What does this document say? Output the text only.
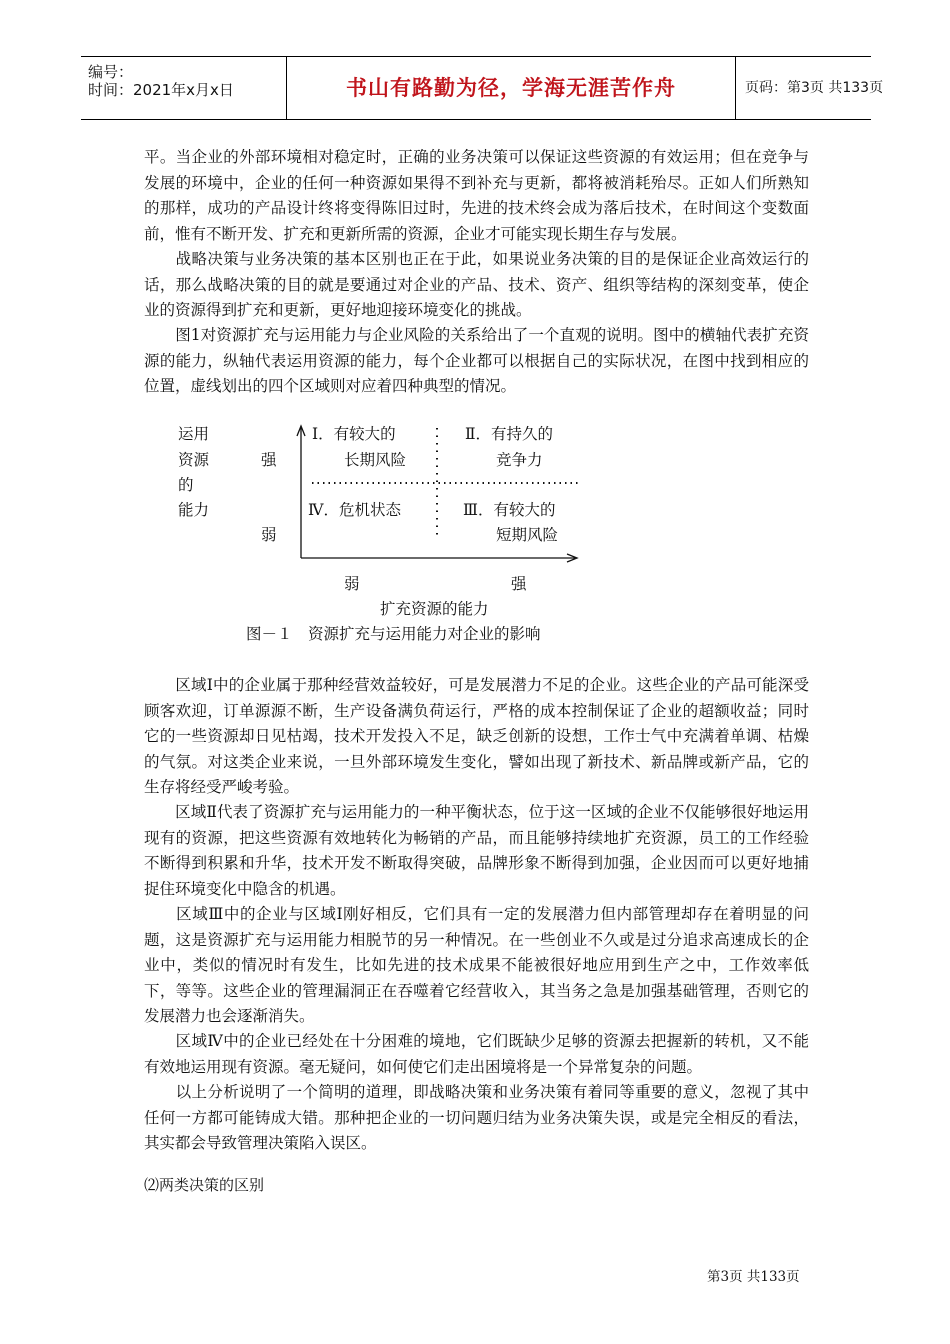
编号：
时间：2021年x月x日	书山有路勤为径，学海无涯苦作舟	页码：第3页 共133页

平。当企业的外部环境相对稳定时，正确的业务决策可以保证这些资源的有效运用；但在竞争与发展的环境中，企业的任何一种资源如果得不到补充与更新，都将被消耗殆尽。正如人们所熟知的那样，成功的产品设计终将变得陈旧过时，先进的技术终会成为落后技术，在时间这个变数面前，惟有不断开发、扩充和更新所需的资源，企业才可能实现长期生存与发展。

　　战略决策与业务决策的基本区别也正在于此，如果说业务决策的目的是保证企业高效运行的话，那么战略决策的目的就是要通过对企业的产品、技术、资产、组织等结构的深刻变革，使企业的资源得到扩充和更新，更好地迎接环境变化的挑战。

　　图1对资源扩充与运用能力与企业风险的关系给出了一个直观的说明。图中的横轴代表扩充资源的能力，纵轴代表运用资源的能力，每个企业都可以根据自己的实际状况，在图中找到相应的位置，虚线划出的四个区域则对应着四种典型的情况。

运用
资源
的
能力
强
弱
Ⅰ．有较大的
长期风险
Ⅱ．有持久的
竞争力
Ⅳ．危机状态	Ⅲ．有较大的
短期风险
弱	强
扩充资源的能力
图－１　资源扩充与运用能力对企业的影响

　　区域Ⅰ中的企业属于那种经营效益较好，可是发展潜力不足的企业。这些企业的产品可能深受顾客欢迎，订单源源不断，生产设备满负荷运行，严格的成本控制保证了企业的超额收益；同时它的一些资源却日见枯竭，技术开发投入不足，缺乏创新的设想，工作士气中充满着单调、枯燥的气氛。对这类企业来说，一旦外部环境发生变化，譬如出现了新技术、新品牌或新产品，它的生存将经受严峻考验。

　　区域Ⅱ代表了资源扩充与运用能力的一种平衡状态，位于这一区域的企业不仅能够很好地运用现有的资源，把这些资源有效地转化为畅销的产品，而且能够持续地扩充资源，员工的工作经验不断得到积累和升华，技术开发不断取得突破，品牌形象不断得到加强，企业因而可以更好地捕捉住环境变化中隐含的机遇。

　　区域Ⅲ中的企业与区域Ⅰ刚好相反，它们具有一定的发展潜力但内部管理却存在着明显的问题，这是资源扩充与运用能力相脱节的另一种情况。在一些创业不久或是过分追求高速成长的企业中，类似的情况时有发生，比如先进的技术成果不能被很好地应用到生产之中，工作效率低下，等等。这些企业的管理漏洞正在吞噬着它经营收入，其当务之急是加强基础管理，否则它的发展潜力也会逐渐消失。

　　区域Ⅳ中的企业已经处在十分困难的境地，它们既缺少足够的资源去把握新的转机，又不能有效地运用现有资源。毫无疑问，如何使它们走出困境将是一个异常复杂的问题。

　　以上分析说明了一个简明的道理，即战略决策和业务决策有着同等重要的意义，忽视了其中任何一方都可能铸成大错。那种把企业的一切问题归结为业务决策失误，或是完全相反的看法，其实都会导致管理决策陷入误区。

⑵两类决策的区别
第3页 共133页
